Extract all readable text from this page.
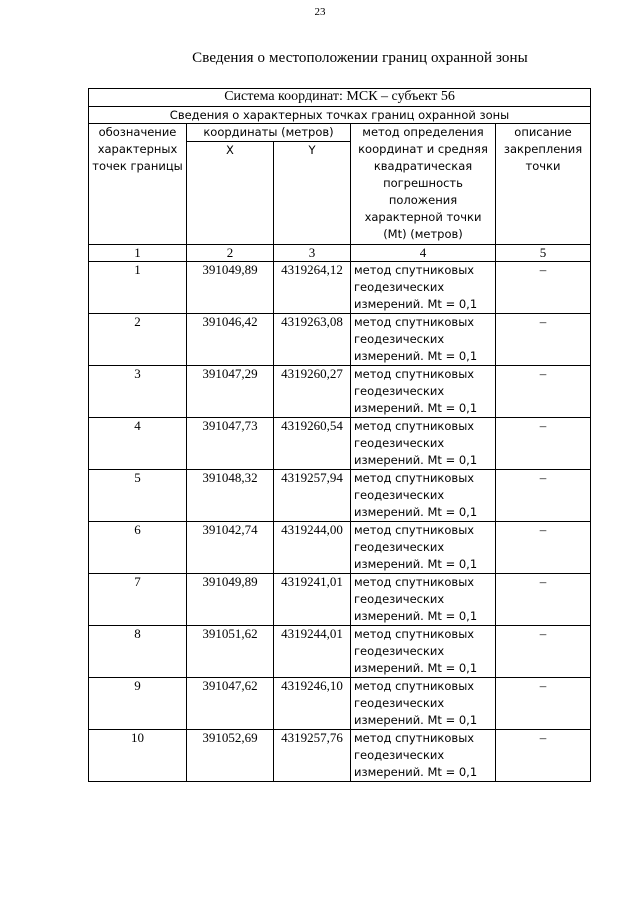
23
Сведения о местоположении границ охранной зоны
Система координат: МСК – субъект 56				
Сведения о характерных точках границ охранной зоны				
обозначение характерных точек границы	координаты (метров)		метод определения координат и средняя квадратическая погрешность положения характерной точки (Mt) (метров)	описание закрепления точки
	X	Y		
1	2	3	4	5
1	391049,89	4319264,12	метод спутниковых геодезических измерений. Mt = 0,1	–
2	391046,42	4319263,08	метод спутниковых геодезических измерений. Mt = 0,1	–
3	391047,29	4319260,27	метод спутниковых геодезических измерений. Mt = 0,1	–
4	391047,73	4319260,54	метод спутниковых геодезических измерений. Mt = 0,1	–
5	391048,32	4319257,94	метод спутниковых геодезических измерений. Mt = 0,1	–
6	391042,74	4319244,00	метод спутниковых геодезических измерений. Mt = 0,1	–
7	391049,89	4319241,01	метод спутниковых геодезических измерений. Mt = 0,1	–
8	391051,62	4319244,01	метод спутниковых геодезических измерений. Mt = 0,1	–
9	391047,62	4319246,10	метод спутниковых геодезических измерений. Mt = 0,1	–
10	391052,69	4319257,76	метод спутниковых геодезических измерений. Mt = 0,1	–
